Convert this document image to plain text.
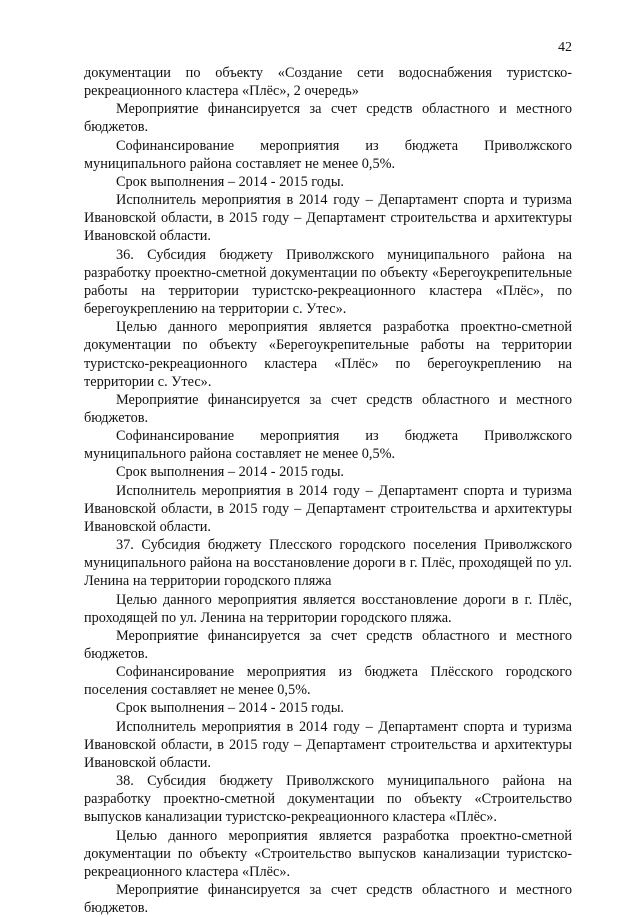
42

документации по объекту «Создание сети водоснабжения туристско-рекреационного кластера «Плёс», 2 очередь»

Мероприятие финансируется за счет средств областного и местного бюджетов.

Софинансирование мероприятия из бюджета Приволжского муниципального района составляет не менее 0,5%.

Срок выполнения – 2014 - 2015 годы.

Исполнитель мероприятия в 2014 году – Департамент спорта и туризма Ивановской области, в 2015 году – Департамент строительства и архитектуры Ивановской области.

36. Субсидия бюджету Приволжского муниципального района на разработку проектно-сметной документации по объекту «Берегоукрепительные работы на территории туристско-рекреационного кластера «Плёс», по берегоукреплению на территории с. Утес».

Целью данного мероприятия является разработка проектно-сметной документации по объекту «Берегоукрепительные работы на территории туристско-рекреационного кластера «Плёс» по берегоукреплению на территории с. Утес».

Мероприятие финансируется за счет средств областного и местного бюджетов.

Софинансирование мероприятия из бюджета Приволжского муниципального района составляет не менее 0,5%.

Срок выполнения – 2014 - 2015 годы.

Исполнитель мероприятия в 2014 году – Департамент спорта и туризма Ивановской области, в 2015 году – Департамент строительства и архитектуры Ивановской области.

37. Субсидия бюджету Плесского городского поселения Приволжского муниципального района на восстановление дороги в г. Плёс, проходящей по ул. Ленина на территории городского пляжа

Целью данного мероприятия является восстановление дороги в г. Плёс, проходящей по ул. Ленина на территории городского пляжа.

Мероприятие финансируется за счет средств областного и местного бюджетов.

Софинансирование мероприятия из бюджета Плёсского городского поселения составляет не менее 0,5%.

Срок выполнения – 2014 - 2015 годы.

Исполнитель мероприятия в 2014 году – Департамент спорта и туризма Ивановской области, в 2015 году – Департамент строительства и архитектуры Ивановской области.

38. Субсидия бюджету Приволжского муниципального района на разработку проектно-сметной документации по объекту «Строительство выпусков канализации туристско-рекреационного кластера «Плёс».

Целью данного мероприятия является разработка проектно-сметной документации по объекту «Строительство выпусков канализации туристско-рекреационного кластера «Плёс».

Мероприятие финансируется за счет средств областного и местного бюджетов.
